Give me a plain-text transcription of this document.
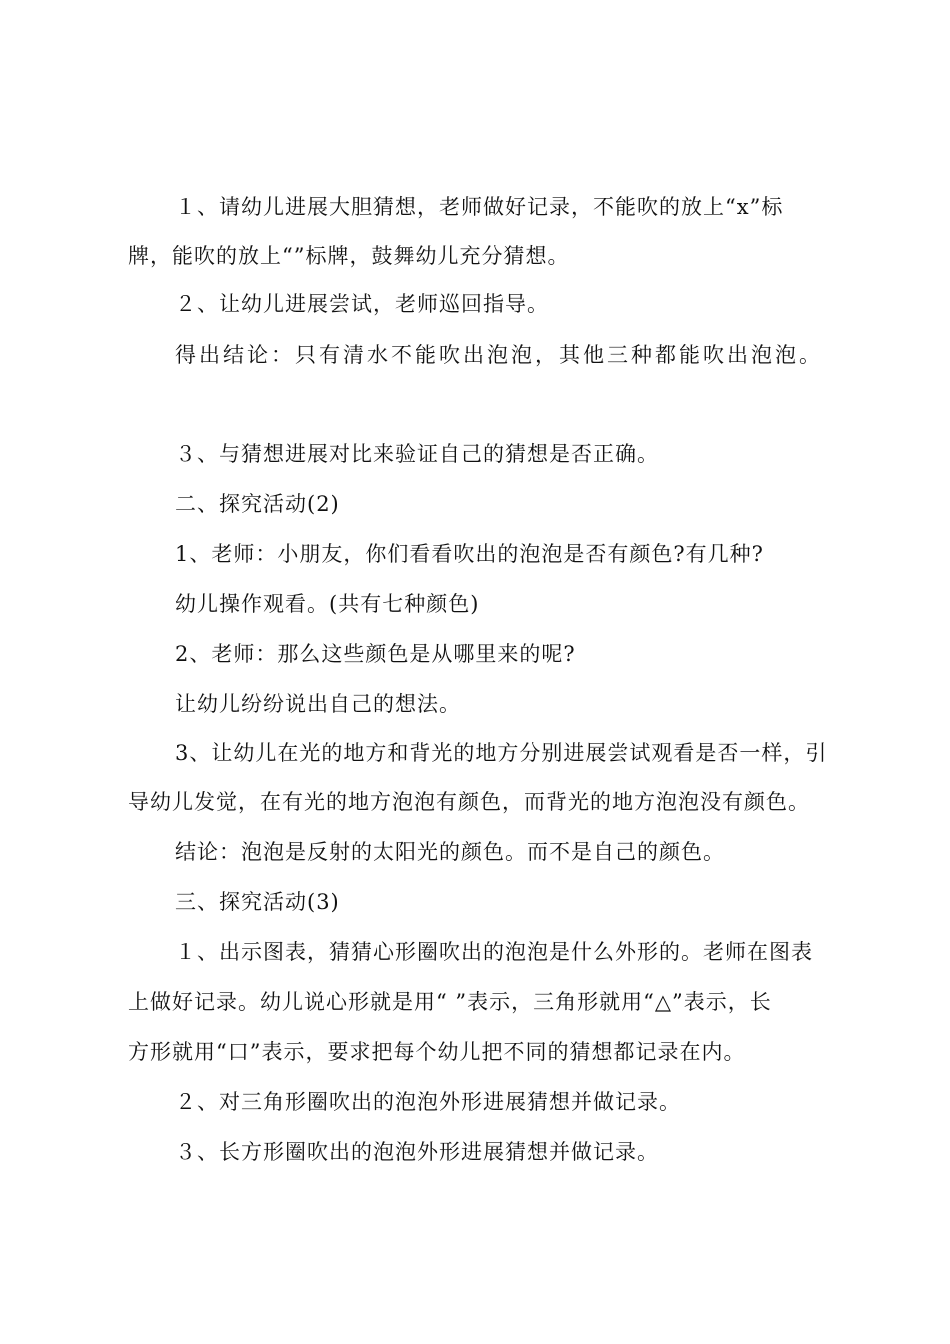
１、请幼儿进展大胆猜想，老师做好记录，不能吹的放上“x”标
牌，能吹的放上“”标牌，鼓舞幼儿充分猜想。
２、让幼儿进展尝试，老师巡回指导。
得出结论：只有清水不能吹出泡泡，其他三种都能吹出泡泡。
３、与猜想进展对比来验证自己的猜想是否正确。
二、探究活动(2)
1、老师：小朋友，你们看看吹出的泡泡是否有颜色?有几种?
幼儿操作观看。(共有七种颜色)
2、老师：那么这些颜色是从哪里来的呢?
让幼儿纷纷说出自己的想法。
3、让幼儿在光的地方和背光的地方分别进展尝试观看是否一样，引
导幼儿发觉，在有光的地方泡泡有颜色，而背光的地方泡泡没有颜色。
结论：泡泡是反射的太阳光的颜色。而不是自己的颜色。
三、探究活动(3)
１、出示图表，猜猜心形圈吹出的泡泡是什么外形的。老师在图表
上做好记录。幼儿说心形就是用“ ”表示，三角形就用“△”表示，长
方形就用“口”表示，要求把每个幼儿把不同的猜想都记录在内。
２、对三角形圈吹出的泡泡外形进展猜想并做记录。
３、长方形圈吹出的泡泡外形进展猜想并做记录。
